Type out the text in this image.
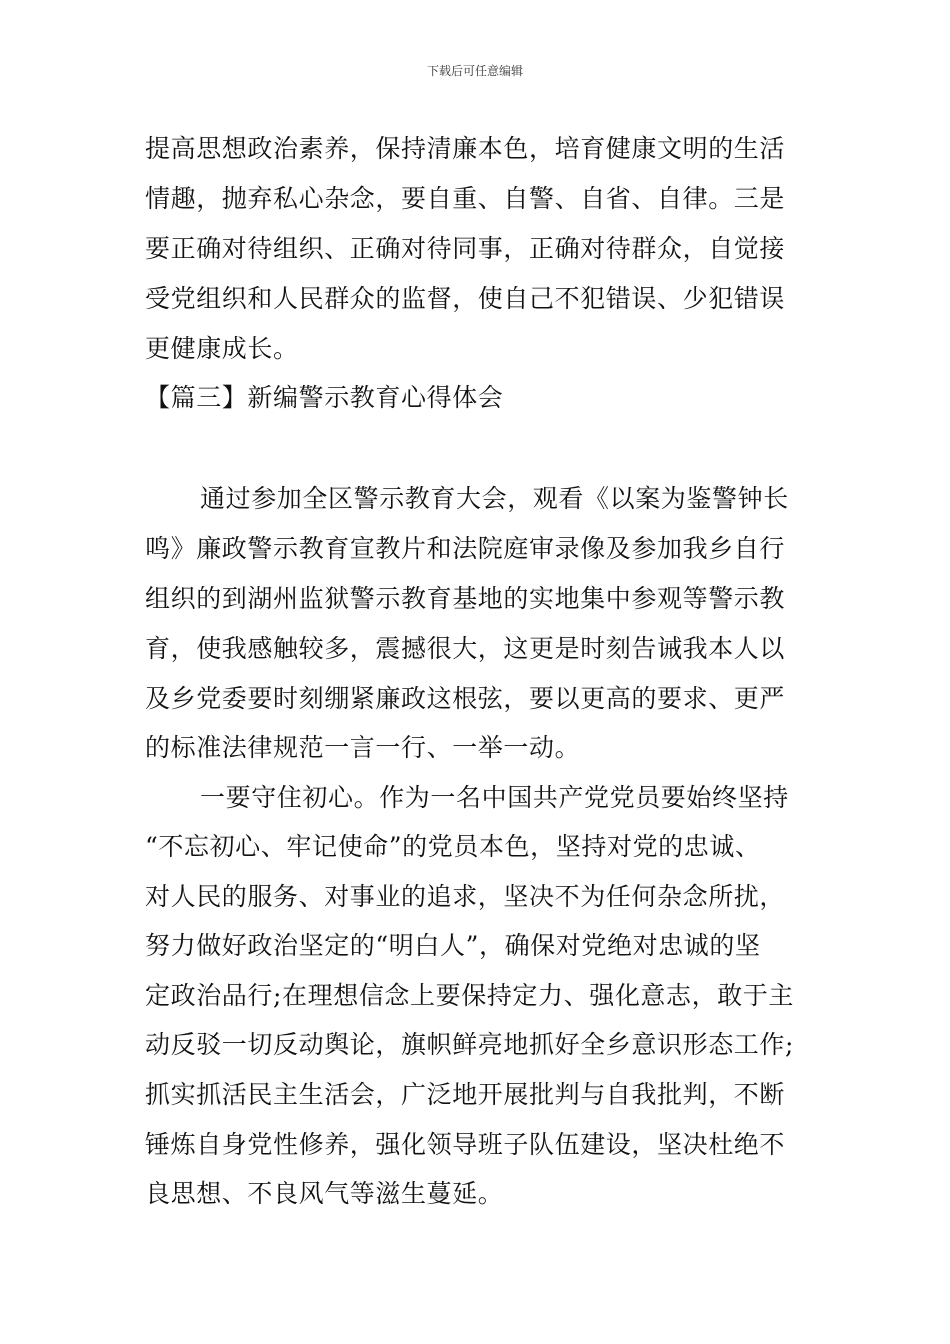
下载后可任意编辑
提高思想政治素养，保持清廉本色，培育健康文明的生活
情趣，抛弃私心杂念，要自重、自警、自省、自律。三是
要正确对待组织、正确对待同事，正确对待群众，自觉接
受党组织和人民群众的监督，使自己不犯错误、少犯错误
更健康成长。
【篇三】新编警示教育心得体会
通过参加全区警示教育大会，观看《以案为鉴警钟长
鸣》廉政警示教育宣教片和法院庭审录像及参加我乡自行
组织的到湖州监狱警示教育基地的实地集中参观等警示教
育，使我感触较多，震撼很大，这更是时刻告诫我本人以
及乡党委要时刻绷紧廉政这根弦，要以更高的要求、更严
的标准法律规范一言一行、一举一动。
一要守住初心。作为一名中国共产党党员要始终坚持
“不忘初心、牢记使命”的党员本色，坚持对党的忠诚、
对人民的服务、对事业的追求，坚决不为任何杂念所扰，
努力做好政治坚定的“明白人”，确保对党绝对忠诚的坚
定政治品行;在理想信念上要保持定力、强化意志，敢于主
动反驳一切反动舆论，旗帜鲜亮地抓好全乡意识形态工作;
抓实抓活民主生活会，广泛地开展批判与自我批判，不断
锤炼自身党性修养，强化领导班子队伍建设，坚决杜绝不
良思想、不良风气等滋生蔓延。
